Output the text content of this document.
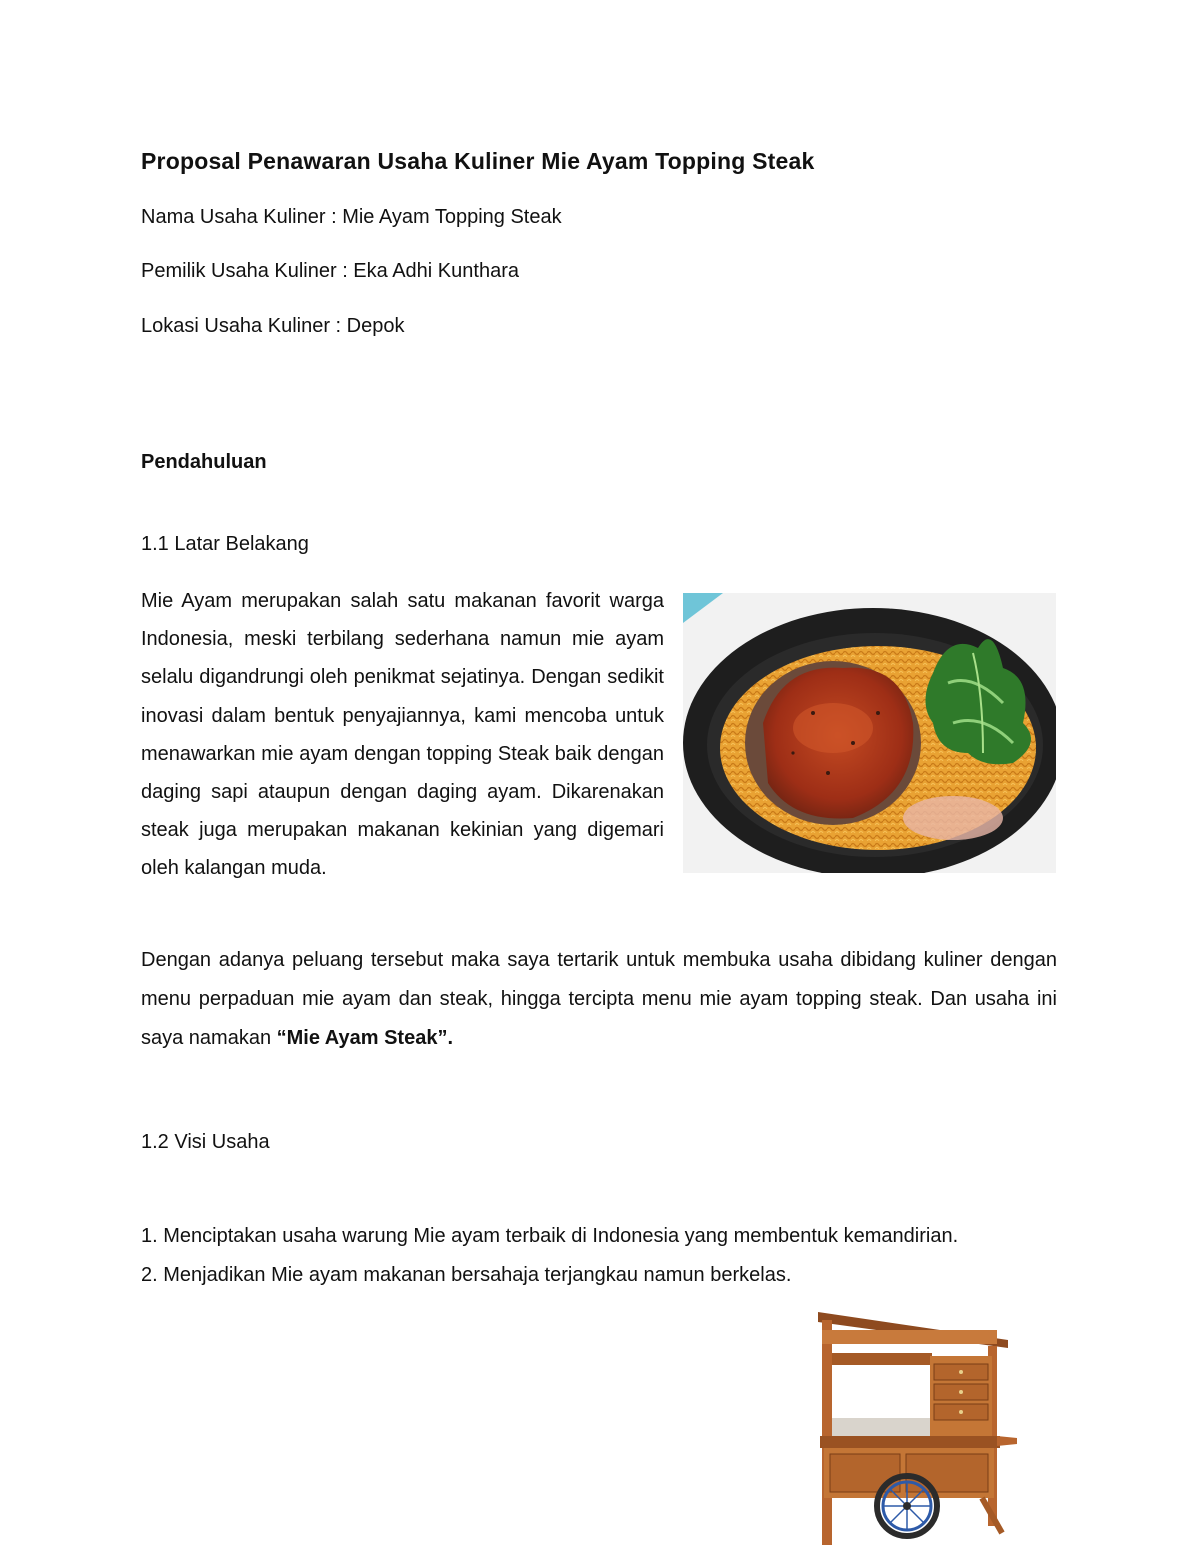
Proposal Penawaran Usaha Kuliner Mie Ayam Topping Steak
Nama Usaha Kuliner : Mie Ayam Topping Steak
Pemilik Usaha Kuliner : Eka Adhi Kunthara
Lokasi Usaha Kuliner : Depok
Pendahuluan
1.1 Latar Belakang
Mie Ayam merupakan salah satu makanan favorit warga Indonesia, meski terbilang sederhana namun mie ayam selalu digandrungi oleh penikmat sejatinya. Dengan sedikit inovasi dalam bentuk penyajiannya, kami mencoba untuk menawarkan mie ayam dengan topping Steak baik dengan daging sapi ataupun dengan daging ayam. Dikarenakan steak juga merupakan makanan kekinian yang digemari oleh kalangan muda.
Dengan adanya peluang tersebut maka saya tertarik untuk membuka usaha dibidang kuliner dengan menu perpaduan mie ayam dan steak, hingga tercipta menu mie ayam topping steak. Dan usaha ini saya namakan “Mie Ayam Steak”.
1.2 Visi Usaha
1. Menciptakan usaha warung Mie ayam terbaik di Indonesia yang membentuk kemandirian.
2. Menjadikan Mie ayam makanan bersahaja terjangkau namun berkelas.
